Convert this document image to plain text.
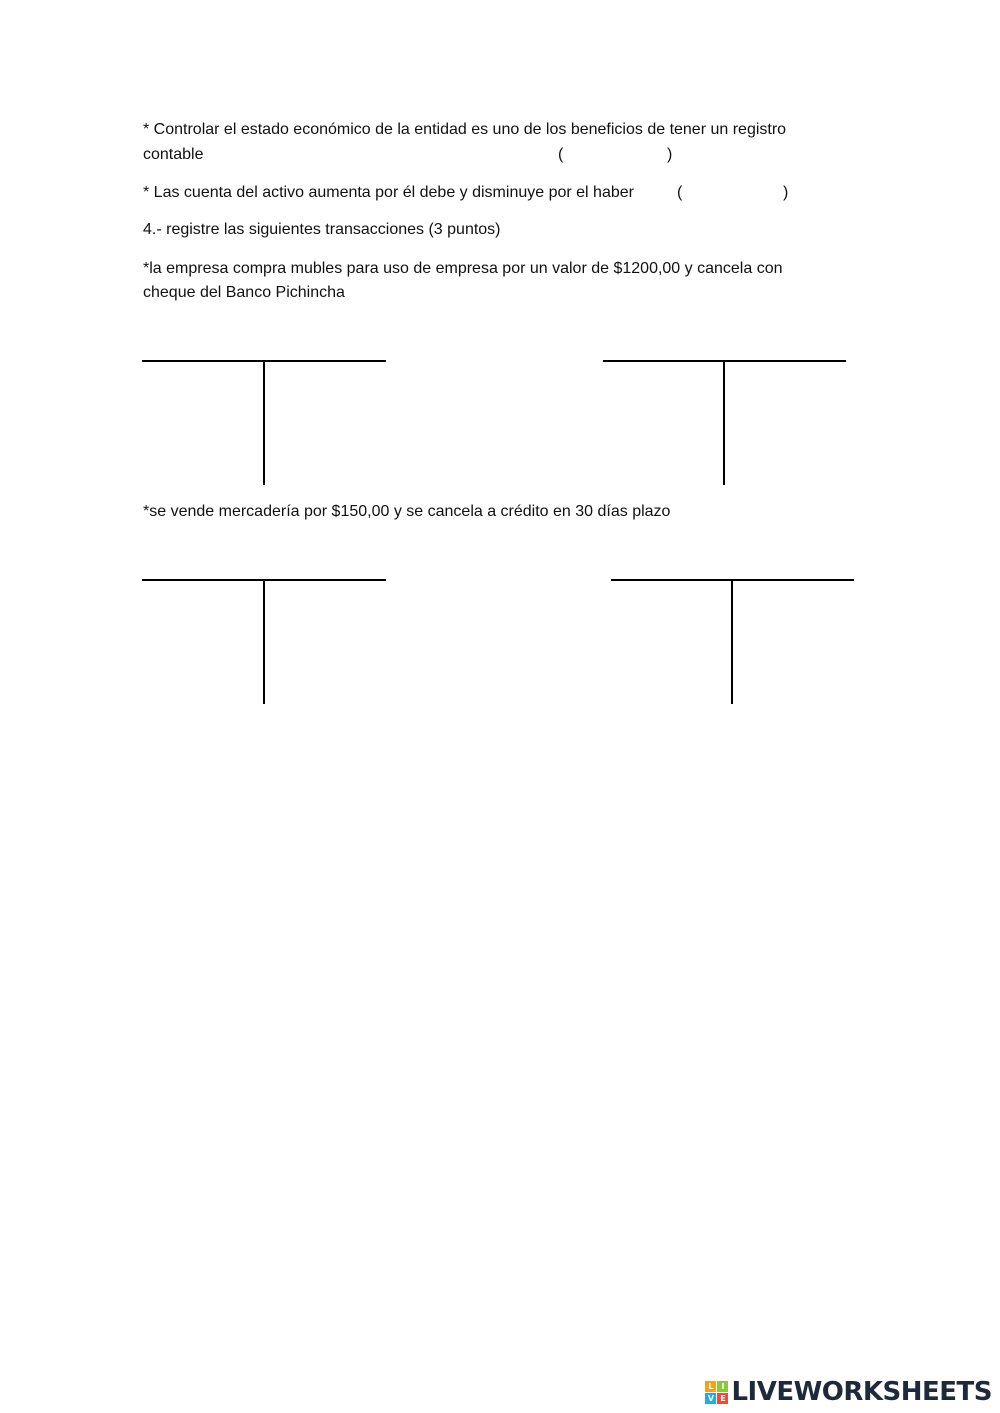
* Controlar el estado económico de la entidad es uno de los beneficios de tener un registro
contable	(	)
* Las cuenta del activo aumenta por él debe y disminuye por el haber	(	)
4.- registre las siguientes transacciones (3 puntos)
*la empresa compra mubles para uso de empresa por un valor de $1200,00 y cancela con
cheque del Banco Pichincha
*se vende mercadería por $150,00 y se cancela a crédito en 30 días plazo
L I
V E LIVEWORKSHEETS
